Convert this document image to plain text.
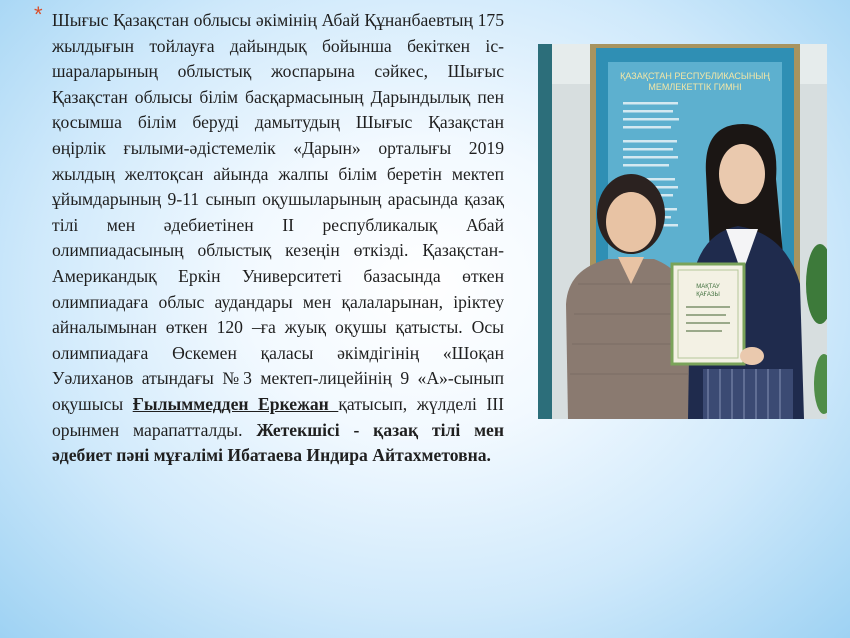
* Шығыс Қазақстан облысы әкімінің Абай Құнанбаевтың 175 жылдығын тойлауға дайындық бойынша бекіткен іс-шараларының облыстық жоспарына сәйкес, Шығыс Қазақстан облысы білім басқармасының Дарындылық пен қосымша білім беруді дамытудың Шығыс Қазақстан өңірлік ғылыми-әдістемелік «Дарын» орталығы 2019 жылдың желтоқсан айында жалпы білім беретін мектеп ұйымдарының 9-11 сынып оқушыларының арасында қазақ тілі мен әдебиетінен II республикалық Абай олимпиадасының облыстық кезеңін өткізді. Қазақстан-Американдық Еркін Университеті базасында өткен олимпиадаға облыс аудандары мен қалаларынан, іріктеу айналымынан өткен 120 –ға жуық оқушы қатысты. Осы олимпиадаға Өскемен қаласы әкімдігінің «Шоқан Уәлиханов атындағы №3 мектеп-лицейінің 9 «А»-сынып оқушысы Ғылыммедден Еркежан қатысып, жүлделі III орынмен марапатталды. Жетекшісі - қазақ тілі мен әдебиет пәні мұғалімі Ибатаева Индира Айтахметовна.
ҚАЗАҚСТАН РЕСПУБЛИКАСЫНЫҢ
МЕМЛЕКЕТТІК ГИМНІ
МАҚТАУ
ҚАҒАЗЫ
